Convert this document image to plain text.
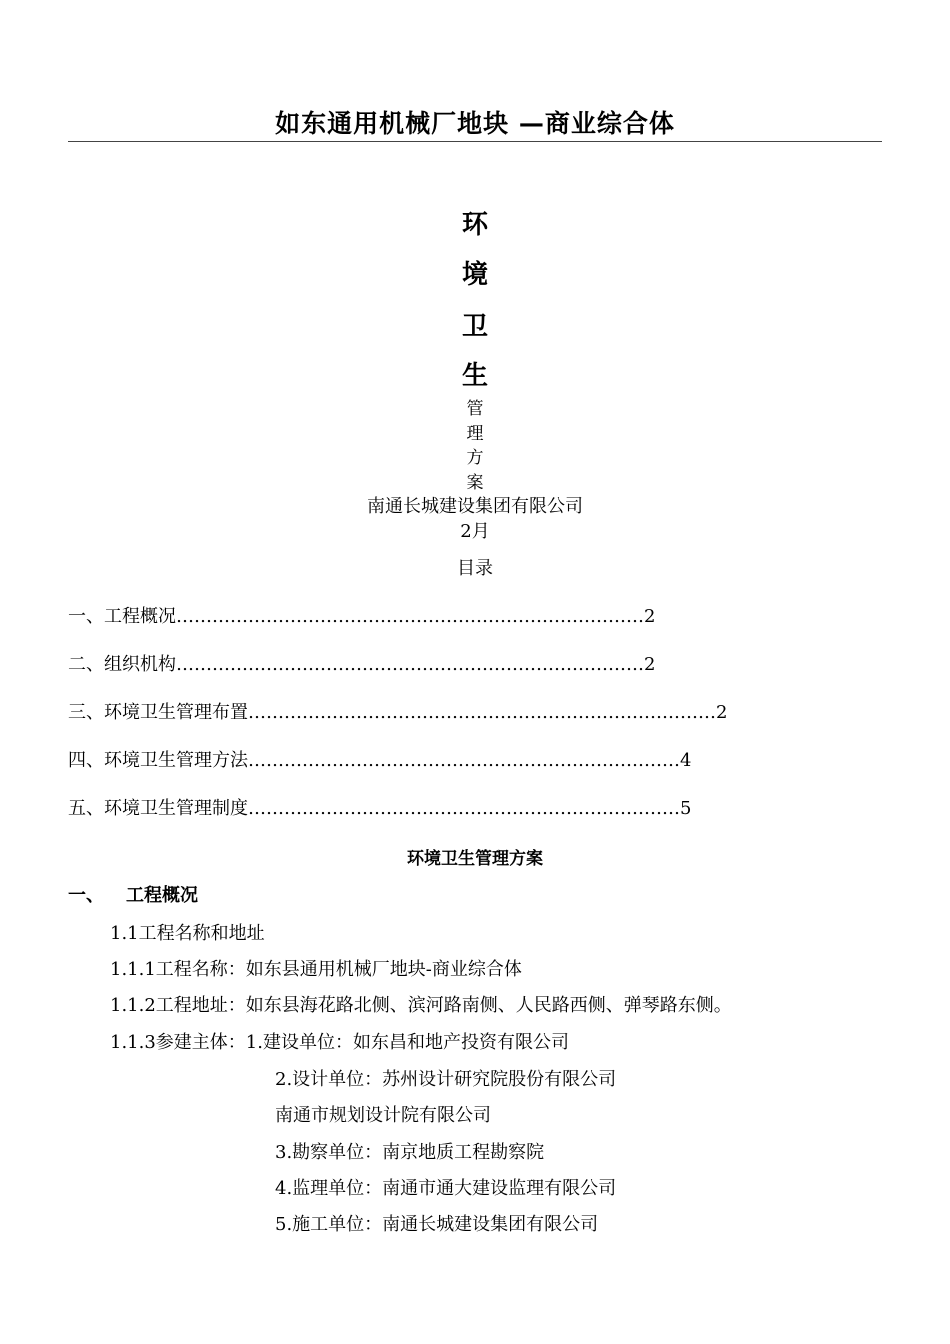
如东通用机械厂地块 —商业综合体
环
境
卫
生
管
理
方
案
南通长城建设集团有限公司
2月
目录
一、工程概况……………………………………………………………………2
二、组织机构……………………………………………………………………2
三、环境卫生管理布置……………………………………………………………………2
四、环境卫生管理方法………………………………………………………………4
五、环境卫生管理制度………………………………………………………………5
环境卫生管理方案
一、 工程概况
1.1工程名称和地址
1.1.1工程名称：如东县通用机械厂地块-商业综合体
1.1.2工程地址：如东县海花路北侧、滨河路南侧、人民路西侧、弹琴路东侧。
1.1.3参建主体：1.建设单位：如东昌和地产投资有限公司
2.设计单位：苏州设计研究院股份有限公司
南通市规划设计院有限公司
3.勘察单位：南京地质工程勘察院
4.监理单位：南通市通大建设监理有限公司
5.施工单位：南通长城建设集团有限公司
